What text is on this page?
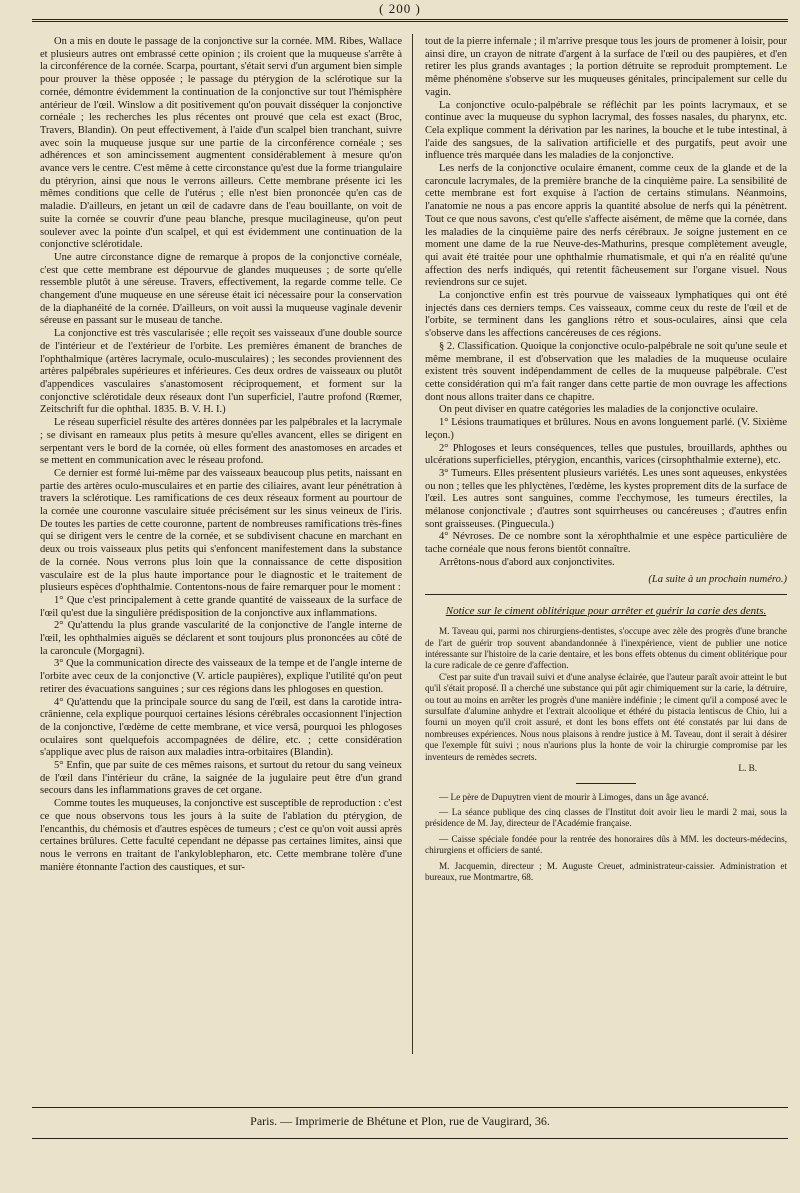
( 200 )

On a mis en doute le passage de la conjonctive sur la cornée. MM. Ribes, Wallace et plusieurs autres ont embrassé cette opinion ; ils croient que la muqueuse s'arrête à la circonférence de la cornée. Scarpa, pourtant, s'était servi d'un argument bien simple pour prouver la thèse opposée ; le passage du ptérygion de la sclérotique sur la cornée, démontre évidemment la continuation de la conjonctive sur tout l'hémisphère antérieur de l'œil. Winslow a dit positivement qu'on pouvait disséquer la conjonctive cornéale ; les recherches les plus récentes ont prouvé que cela est exact (Broc, Travers, Blandin). On peut effectivement, à l'aide d'un scalpel bien tranchant, suivre avec soin la muqueuse jusque sur une partie de la circonférence cornéale ; ses adhérences et son amincissement augmentent considérablement à mesure qu'on avance vers le centre. C'est même à cette circonstance qu'est due la forme triangulaire du ptéryrion, ainsi que nous le verrons ailleurs. Cette membrane présente ici les mêmes conditions que celle de l'utérus ; elle n'est bien prononcée qu'en cas de maladie. D'ailleurs, en jetant un œil de cadavre dans de l'eau bouillante, on voit de suite la cornée se couvrir d'une peau blanche, presque mucilagineuse, qu'on peut soulever avec la pointe d'un scalpel, et qui est évidemment une continuation de la conjonctive sclérotidale.

Une autre circonstance digne de remarque à propos de la conjonctive cornéale, c'est que cette membrane est dépourvue de glandes muqueuses ; de sorte qu'elle ressemble plutôt à une séreuse. Travers, effectivement, la regarde comme telle. Ce changement d'une muqueuse en une séreuse était ici nécessaire pour la conservation de la diaphanéité de la cornée. D'ailleurs, on voit aussi la muqueuse vaginale devenir séreuse en passant sur le museau de tanche.

La conjonctive est très vascularisée ; elle reçoit ses vaisseaux d'une double source de l'intérieur et de l'extérieur de l'orbite. Les premières émanent de branches de l'ophthalmique (artères lacrymale, oculo-musculaires) ; les secondes proviennent des artères palpébrales supérieures et inférieures. Ces deux ordres de vaisseaux ou plutôt d'appendices vasculaires s'anastomosent réciproquement, et forment sur la conjonctive sclérotidale deux réseaux dont l'un superficiel, l'autre profond (Rœmer, Zeitschrift fur die ophthal. 1835. B. V. H. I.)

Le réseau superficiel résulte des artères données par les palpébrales et la lacrymale ; se divisant en rameaux plus petits à mesure qu'elles avancent, elles se dirigent en serpentant vers le bord de la cornée, où elles forment des anastomoses en arcades et se mettent en communication avec le réseau profond.

Ce dernier est formé lui-même par des vaisseaux beaucoup plus petits, naissant en partie des artères oculo-musculaires et en partie des ciliaires, avant leur pénétration à travers la sclérotique. Les ramifications de ces deux réseaux forment au pourtour de la cornée une couronne vasculaire située précisément sur les sinus veineux de l'iris. De toutes les parties de cette couronne, partent de nombreuses ramifications très-fines qui se dirigent vers le centre de la cornée, et se subdivisent chacune en marchant en deux ou trois vaisseaux plus petits qui s'enfoncent manifestement dans la substance de la cornée. Nous verrons plus loin que la connaissance de cette disposition vasculaire est de la plus haute importance pour le diagnostic et le traitement de plusieurs espèces d'ophthalmie. Contentons-nous de faire remarquer pour le moment :

1° Que c'est principalement à cette grande quantité de vaisseaux de la surface de l'œil qu'est due la singulière prédisposition de la conjonctive aux inflammations.

2° Qu'attendu la plus grande vascularité de la conjonctive de l'angle interne de l'œil, les ophthalmies aiguës se déclarent et sont toujours plus prononcées au côté de la caroncule (Morgagni).

3° Que la communication directe des vaisseaux de la tempe et de l'angle interne de l'orbite avec ceux de la conjonctive (V. article paupières), explique l'utilité qu'on peut retirer des évacuations sanguines ; sur ces régions dans les phlogoses en question.

4° Qu'attendu que la principale source du sang de l'œil, est dans la carotide intra-crânienne, cela explique pourquoi certaines lésions cérébrales occasionnent l'injection de la conjonctive, l'œdème de cette membrane, et vice versâ, pourquoi les phlogoses oculaires sont quelquefois accompagnées de délire, etc. ; cette considération s'applique avec plus de raison aux maladies intra-orbitaires (Blandin).

5° Enfin, que par suite de ces mêmes raisons, et surtout du retour du sang veineux de l'œil dans l'intérieur du crâne, la saignée de la jugulaire peut être d'un grand secours dans les inflammations graves de cet organe.

Comme toutes les muqueuses, la conjonctive est susceptible de reproduction : c'est ce que nous observons tous les jours à la suite de l'ablation du ptérygion, de l'encanthis, du chémosis et d'autres espèces de tumeurs ; c'est ce qu'on voit aussi après certaines brûlures. Cette faculté cependant ne dépasse pas certaines limites, ainsi que nous le verrons en traitant de l'ankyloblepharon, etc. Cette membrane tolère d'une manière étonnante l'action des caustiques, et sur-

tout de la pierre infernale ; il m'arrive presque tous les jours de promener à loisir, pour ainsi dire, un crayon de nitrate d'argent à la surface de l'œil ou des paupières, et d'en retirer les plus grands avantages ; la portion détruite se reproduit promptement. Le même phénomène s'observe sur les muqueuses génitales, principalement sur celle du vagin.

La conjonctive oculo-palpébrale se réfléchit par les points lacrymaux, et se continue avec la muqueuse du syphon lacrymal, des fosses nasales, du pharynx, etc. Cela explique comment la dérivation par les narines, la bouche et le tube intestinal, à l'aide des sangsues, de la salivation artificielle et des purgatifs, peut avoir une influence très marquée dans les maladies de la conjonctive.

Les nerfs de la conjonctive oculaire émanent, comme ceux de la glande et de la caroncule lacrymales, de la première branche de la cinquième paire. La sensibilité de cette membrane est fort exquise à l'action de certains stimulans. Néanmoins, l'anatomie ne nous a pas encore appris la quantité absolue de nerfs qui la pénètrent. Tout ce que nous savons, c'est qu'elle s'affecte aisément, de même que la cornée, dans les maladies de la cinquième paire des nerfs cérébraux. Je soigne justement en ce moment une dame de la rue Neuve-des-Mathurins, presque complètement aveugle, qui avait été traitée pour une ophthalmie rhumatismale, et qui n'a en réalité qu'une affection des nerfs indiqués, qui retentit fâcheusement sur l'organe visuel. Nous reviendrons sur ce sujet.

La conjonctive enfin est très pourvue de vaisseaux lymphatiques qui ont été injectés dans ces derniers temps. Ces vaisseaux, comme ceux du reste de l'œil et de l'orbite, se terminent dans les ganglions rétro et sous-oculaires, ainsi que cela s'observe dans les affections cancéreuses de ces régions.

§ 2. Classification. Quoique la conjonctive oculo-palpébrale ne soit qu'une seule et même membrane, il est d'observation que les maladies de la muqueuse oculaire existent très souvent indépendamment de celles de la muqueuse palpébrale. C'est cette considération qui m'a fait ranger dans cette partie de mon ouvrage les affections dont nous allons traiter dans ce chapitre.

On peut diviser en quatre catégories les maladies de la conjonctive oculaire.

1° Lésions traumatiques et brûlures. Nous en avons longuement parlé. (V. Sixième leçon.)

2° Phlogoses et leurs conséquences, telles que pustules, brouillards, aphthes ou ulcérations superficielles, ptérygion, encanthis, varices (cirsophthalmie externe), etc.

3° Tumeurs. Elles présentent plusieurs variétés. Les unes sont aqueuses, enkystées ou non ; telles que les phlyctènes, l'œdème, les kystes proprement dits de la surface de l'œil. Les autres sont sanguines, comme l'ecchymose, les tumeurs érectiles, la mélanose conjonctivale ; d'autres sont squirrheuses ou cancéreuses ; d'autres enfin sont graisseuses. (Pinguecula.)

4° Névroses. De ce nombre sont la xérophthalmie et une espèce particulière de tache cornéale que nous ferons bientôt connaître.

Arrêtons-nous d'abord aux conjonctivites.

(La suite à un prochain numéro.)
Notice sur le ciment oblitérique pour arrêter et guérir la carie des dents.

M. Taveau qui, parmi nos chirurgiens-dentistes, s'occupe avec zèle des progrès d'une branche de l'art de guérir trop souvent abandandonnée à l'inexpérience, vient de publier une notice intéressante sur l'histoire de la carie dentaire, et les bons effets obtenus du ciment oblitérique pour la cure radicale de ce genre d'affection.

C'est par suite d'un travail suivi et d'une analyse éclairée, que l'auteur paraît avoir atteint le but qu'il s'était proposé. Il a cherché une substance qui pût agir chimiquement sur la carie, la détruire, ou tout au moins en arrêter les progrès d'une manière indéfinie ; le ciment qu'il a composé avec le sursulfate d'alumine anhydre et l'extrait alcoolique et éthéré du pistacia lentiscus de Chio, lui a fourni un moyen qu'il croit assuré, et dont les bons effets ont été constatés par lui dans de nombreuses expériences. Nous nous plaisons à rendre justice à M. Taveau, dont il serait à désirer que l'exemple fût suivi ; nous n'aurions plus la honte de voir la chirurgie compromise par les inventeurs de remèdes secrets.

L. B.

— Le père de Dupuytren vient de mourir à Limoges, dans un âge avancé.

— La séance publique des cinq classes de l'Institut doit avoir lieu le mardi 2 mai, sous la présidence de M. Jay, directeur de l'Académie française.

— Caisse spéciale fondée pour la rentrée des honoraires dûs à MM. les docteurs-médecins, chirurgiens et officiers de santé.

M. Jacquemin, directeur ; M. Auguste Creuet, administrateur-caissier. Administration et bureaux, rue Montmartre, 68.

Paris. — Imprimerie de Bhétune et Plon, rue de Vaugirard, 36.
